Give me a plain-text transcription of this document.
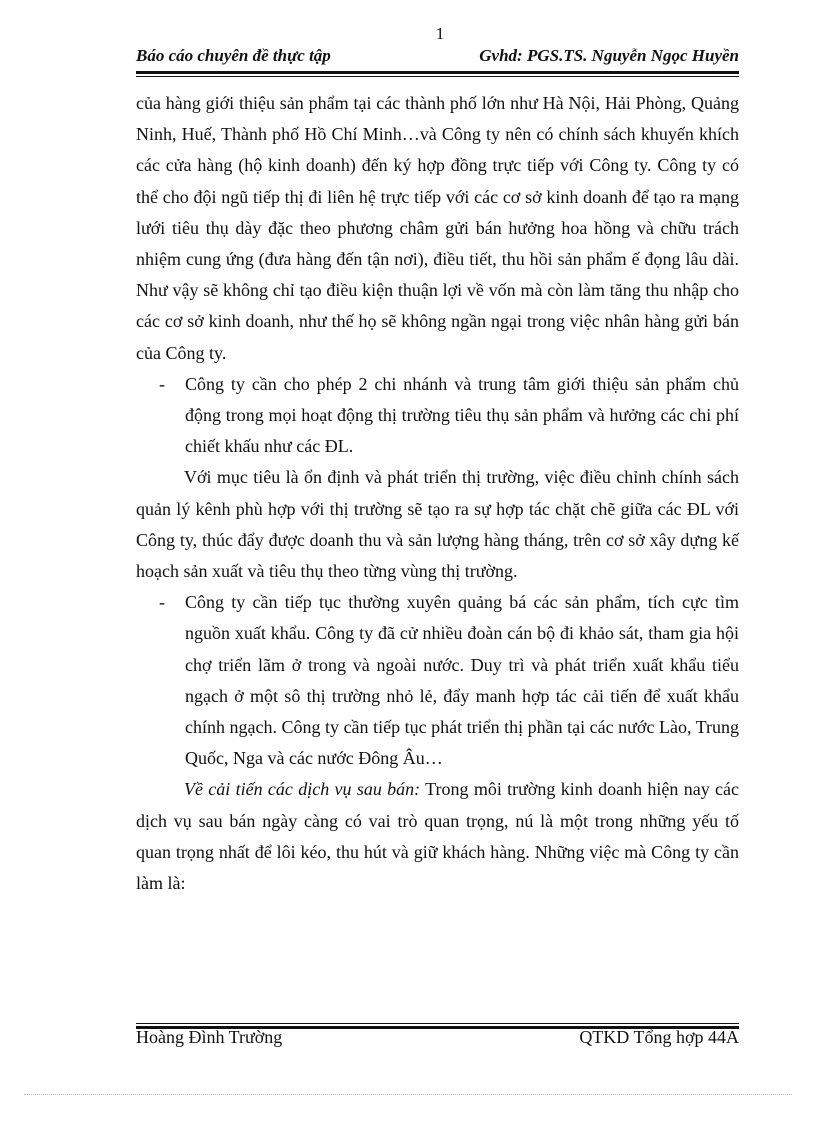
1
Báo cáo chuyên đề thực tập	Gvhd: PGS.TS. Nguyễn Ngọc Huyền

của hàng giới thiệu sản phẩm tại các thành phố lớn như Hà Nội, Hải Phòng, Quảng Ninh, Huế, Thành phố Hồ Chí Minh…và Công ty nên có chính sách khuyến khích các cửa hàng (hộ kinh doanh) đến ký hợp đồng trực tiếp với Công ty. Công ty có thể cho đội ngũ tiếp thị đi liên hệ trực tiếp với các cơ sở kinh doanh để tạo ra mạng lưới tiêu thụ dày đặc theo phương châm gửi bán hưởng hoa hồng và chữu trách nhiệm cung ứng (đưa hàng đến tận nơi), điều tiết, thu hồi sản phẩm ế đọng lâu dài. Như vậy sẽ không chỉ tạo điều kiện thuận lợi về vốn mà còn làm tăng thu nhập cho các cơ sở kinh doanh, như thế họ sẽ không ngần ngại trong việc nhân hàng gửi bán của Công ty.

- Công ty cần cho phép 2 chi nhánh và trung tâm giới thiệu sản phẩm chủ động trong mọi hoạt động thị trường tiêu thụ sản phẩm và hưởng các chi phí chiết khấu như các ĐL.

Với mục tiêu là ổn định và phát triển thị trường, việc điều chỉnh chính sách quản lý kênh phù hợp với thị trường sẽ tạo ra sự hợp tác chặt chẽ giữa các ĐL với Công ty, thúc đẩy được doanh thu và sản lượng hàng tháng, trên cơ sở xây dựng kế hoạch sản xuất và tiêu thụ theo từng vùng thị trường.

- Công ty cần tiếp tục thường xuyên quảng bá các sản phẩm, tích cực tìm nguồn xuất khẩu. Công ty đã cử nhiều đoàn cán bộ đi khảo sát, tham gia hội chợ triển lãm ở trong và ngoài nước. Duy trì và phát triển xuất khẩu tiểu ngạch ở một sô thị trường nhỏ lẻ, đẩy manh hợp tác cải tiến để xuất khẩu chính ngạch. Công ty cần tiếp tục phát triển thị phần tại các nước Lào, Trung Quốc, Nga và các nước Đông Âu…

Về cải tiến các dịch vụ sau bán: Trong môi trường kinh doanh hiện nay các dịch vụ sau bán ngày càng có vai trò quan trọng, nú là một trong những yếu tố quan trọng nhất để lôi kéo, thu hút và giữ khách hàng. Những việc mà Công ty cần làm là:

Hoàng Đình Trường	QTKD Tổng hợp 44A
